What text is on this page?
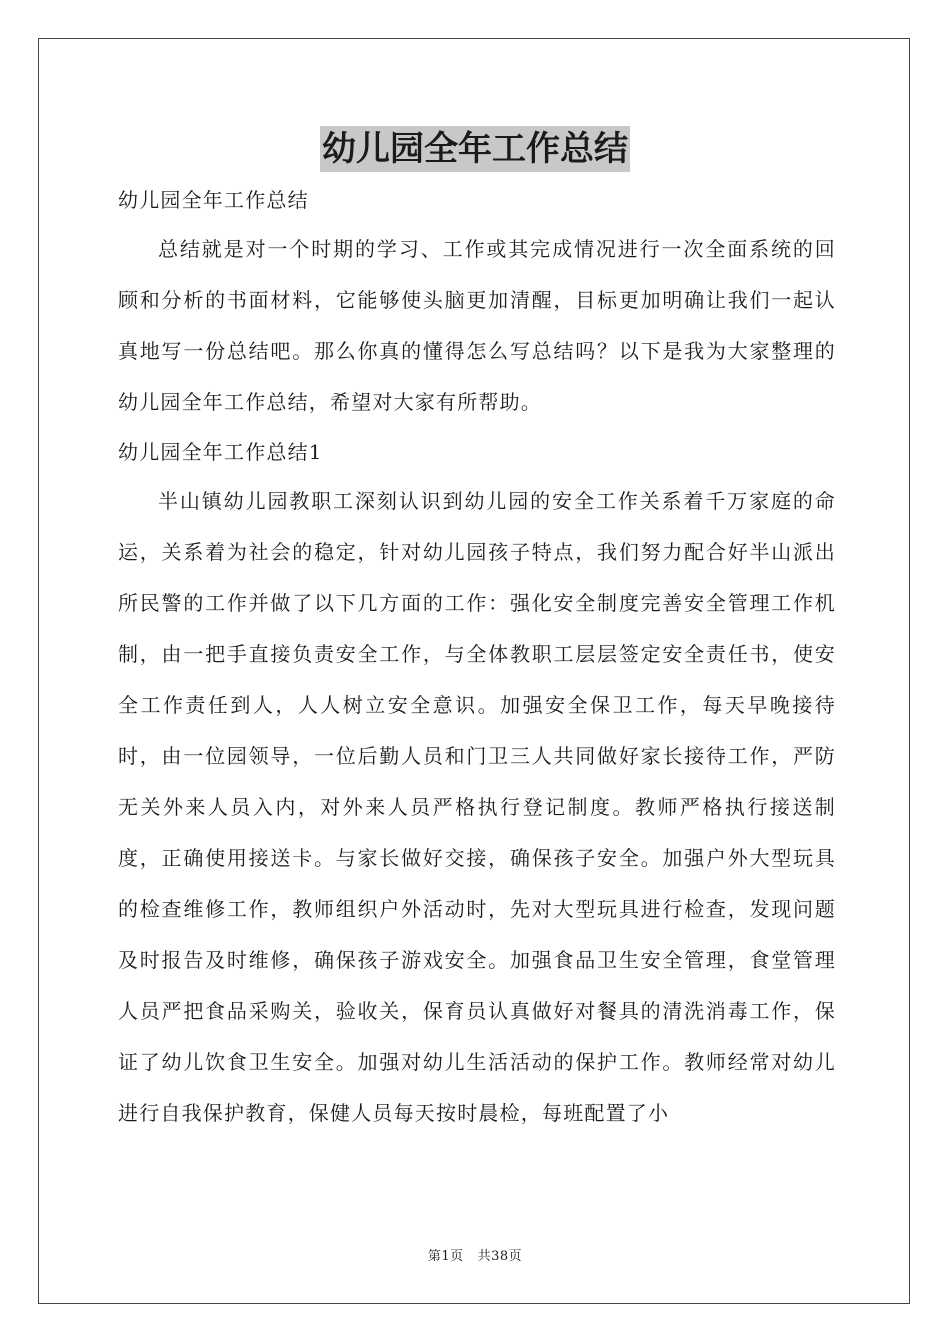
幼儿园全年工作总结

幼儿园全年工作总结

总结就是对一个时期的学习、工作或其完成情况进行一次全面系统的回顾和分析的书面材料，它能够使头脑更加清醒，目标更加明确让我们一起认真地写一份总结吧。那么你真的懂得怎么写总结吗？以下是我为大家整理的幼儿园全年工作总结，希望对大家有所帮助。

幼儿园全年工作总结1

半山镇幼儿园教职工深刻认识到幼儿园的安全工作关系着千万家庭的命运，关系着为社会的稳定，针对幼儿园孩子特点，我们努力配合好半山派出所民警的工作并做了以下几方面的工作：强化安全制度完善安全管理工作机制，由一把手直接负责安全工作，与全体教职工层层签定安全责任书，使安全工作责任到人，人人树立安全意识。加强安全保卫工作，每天早晚接待时，由一位园领导，一位后勤人员和门卫三人共同做好家长接待工作，严防无关外来人员入内，对外来人员严格执行登记制度。教师严格执行接送制度，正确使用接送卡。与家长做好交接，确保孩子安全。加强户外大型玩具的检查维修工作，教师组织户外活动时，先对大型玩具进行检查，发现问题及时报告及时维修，确保孩子游戏安全。加强食品卫生安全管理，食堂管理人员严把食品采购关，验收关，保育员认真做好对餐具的清洗消毒工作，保证了幼儿饮食卫生安全。加强对幼儿生活活动的保护工作。教师经常对幼儿进行自我保护教育，保健人员每天按时晨检，每班配置了小

第1页 共38页
